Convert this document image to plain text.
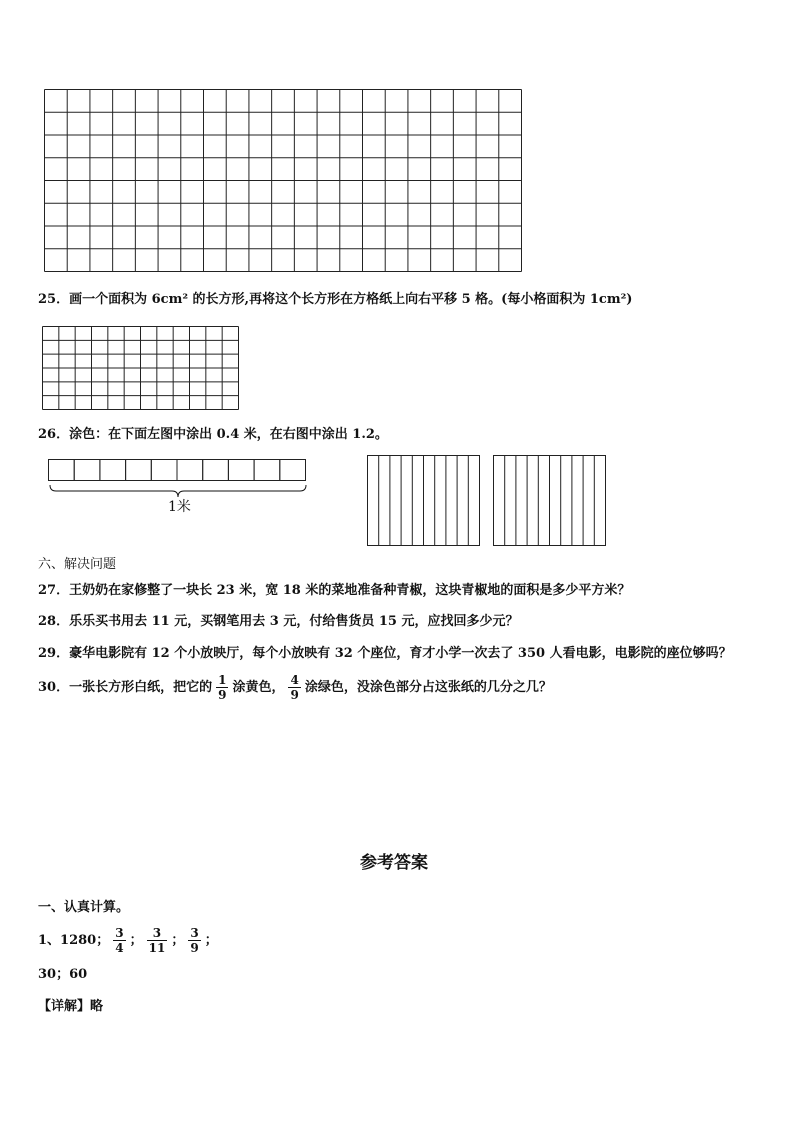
25．画一个面积为 6cm² 的长方形,再将这个长方形在方格纸上向右平移 5 格。(每小格面积为 1cm²)
26．涂色：在下面左图中涂出 0.4 米，在右图中涂出 1.2。
1米
六、解决问题
27．王奶奶在家修整了一块长 23 米，宽 18 米的菜地准备种青椒，这块青椒地的面积是多少平方米？
28．乐乐买书用去 11 元，买钢笔用去 3 元，付给售货员 15 元，应找回多少元？
29．豪华电影院有 12 个小放映厅，每个小放映有 32 个座位，育才小学一次去了 350 人看电影，电影院的座位够吗？
30．一张长方形白纸，把它的 $\frac{1}{9}$ 涂黄色， $\frac{4}{9}$ 涂绿色，没涂色部分占这张纸的几分之几？
参考答案
一、认真计算。
1、1280； $\frac{3}{4}$ ； $\frac{3}{11}$ ； $\frac{3}{9}$ ；
30；60
【详解】略
